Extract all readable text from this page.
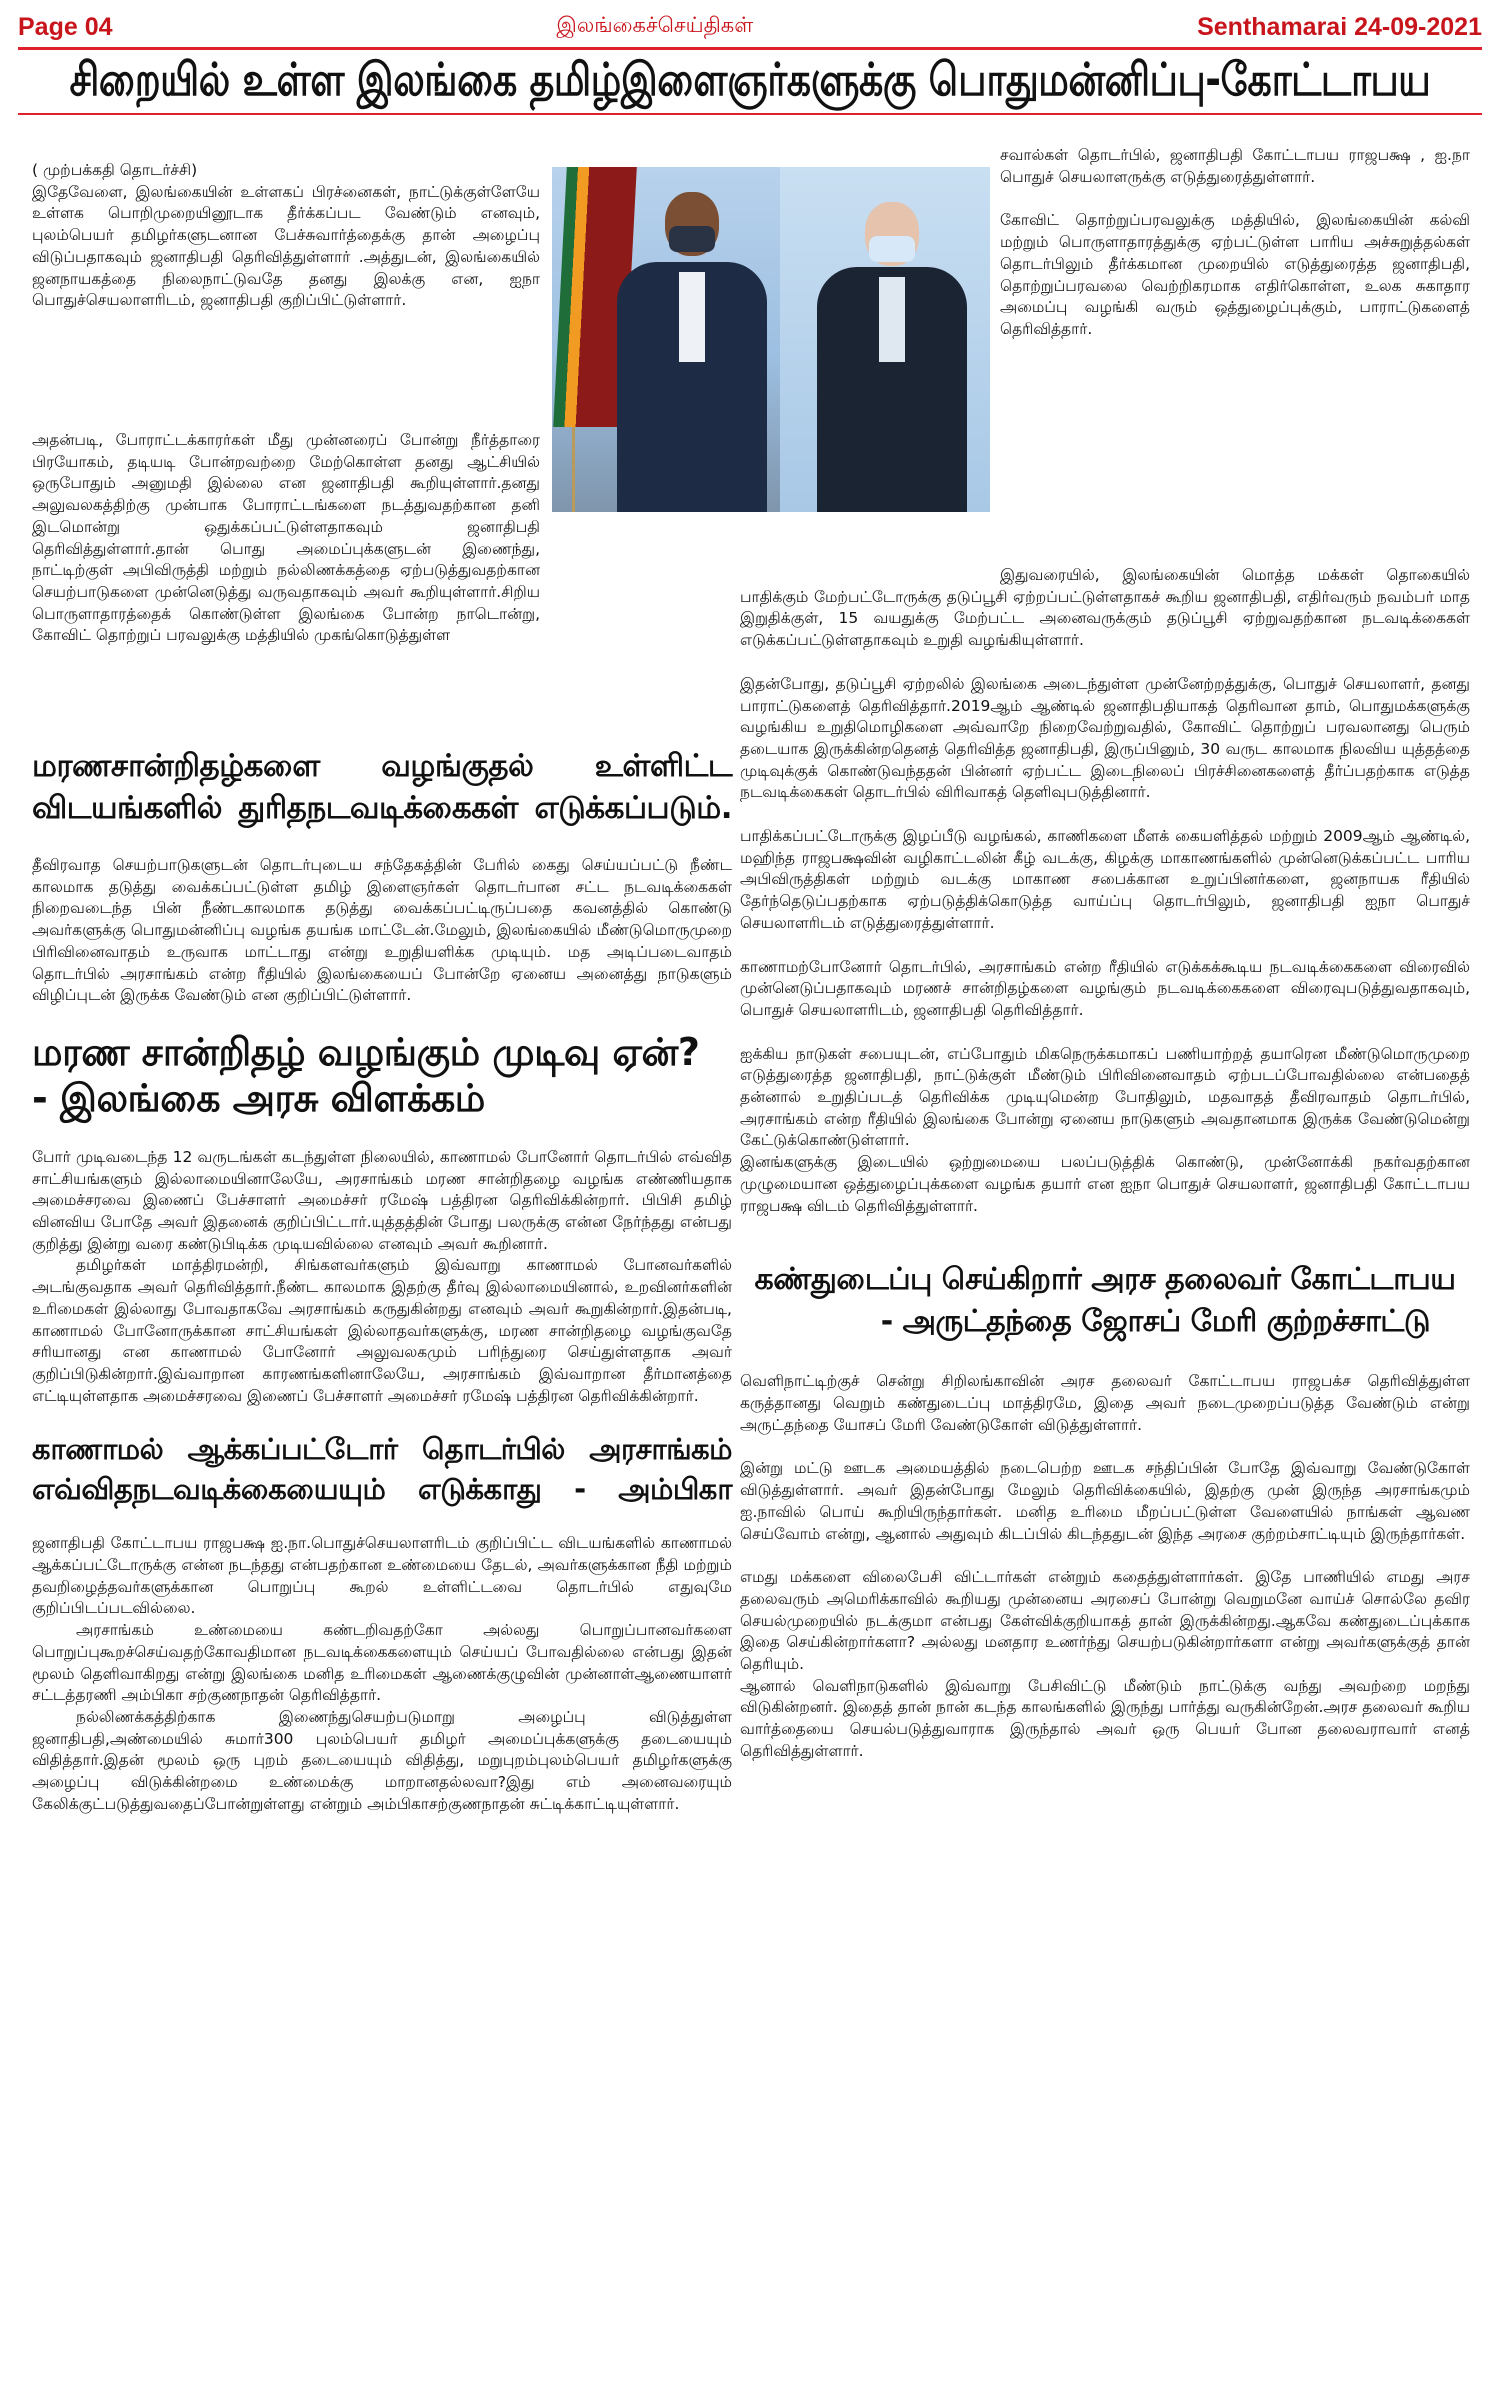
Page 04	இலங்கைச்செய்திகள்	Senthamarai 24-09-2021
சிறையில் உள்ள இலங்கை தமிழ்இளைஞர்களுக்கு பொதுமன்னிப்பு-கோட்டாபய

( முற்பக்கதி தொடர்ச்சி)

இதேவேளை, இலங்கையின் உள்ளகப் பிரச்னைகள், நாட்டுக்குள்ளேயே உள்ளக பொறிமுறையினூடாக தீர்க்கப்பட வேண்டும் எனவும், புலம்பெயர் தமிழர்களுடனான பேச்சுவார்த்தைக்கு தான் அழைப்பு விடுப்பதாகவும் ஜனாதிபதி தெரிவித்துள்ளார் .அத்துடன், இலங்கையில் ஜனநாயகத்தை நிலைநாட்டுவதே தனது இலக்கு என, ஐநா பொதுச்செயலாளரிடம், ஜனாதிபதி குறிப்பிட்டுள்ளார்.

அதன்படி, போராட்டக்காரர்கள் மீது முன்னரைப் போன்று நீர்த்தாரை பிரயோகம், தடியடி போன்றவற்றை மேற்கொள்ள தனது ஆட்சியில் ஒருபோதும் அனுமதி இல்லை என ஜனாதிபதி கூறியுள்ளார்.தனது அலுவலகத்திற்கு முன்பாக போராட்டங்களை நடத்துவதற்கான தனி இடமொன்று ஒதுக்கப்பட்டுள்ளதாகவும் ஜனாதிபதி தெரிவித்துள்ளார்.தான் பொது அமைப்புக்களுடன் இணைந்து, நாட்டிற்குள் அபிவிருத்தி மற்றும் நல்லிணக்கத்தை ஏற்படுத்துவதற்கான செயற்பாடுகளை முன்னெடுத்து வருவதாகவும் அவர் கூறியுள்ளார்.சிறிய பொருளாதாரத்தைக் கொண்டுள்ள இலங்கை போன்ற நாடொன்று, கோவிட் தொற்றுப் பரவலுக்கு மத்தியில் முகங்கொடுத்துள்ள

மரணசான்றிதழ்களை வழங்குதல் உள்ளிட்ட விடயங்களில் துரிதநடவடிக்கைகள் எடுக்கப்படும்.

தீவிரவாத செயற்பாடுகளுடன் தொடர்புடைய சந்தேகத்தின் பேரில் கைது செய்யப்பட்டு நீண்ட காலமாக தடுத்து வைக்கப்பட்டுள்ள தமிழ் இளைஞர்கள் தொடர்பான சட்ட நடவடிக்கைகள் நிறைவடைந்த பின் நீண்டகாலமாக தடுத்து வைக்கப்பட்டிருப்பதை கவனத்தில் கொண்டு அவர்களுக்கு பொதுமன்னிப்பு வழங்க தயங்க மாட்டேன்.மேலும், இலங்கையில் மீண்டுமொருமுறை பிரிவினைவாதம் உருவாக மாட்டாது என்று உறுதியளிக்க முடியும். மத அடிப்படைவாதம் தொடர்பில் அரசாங்கம் என்ற ரீதியில் இலங்கையைப் போன்றே ஏனைய அனைத்து நாடுகளும் விழிப்புடன் இருக்க வேண்டும் என குறிப்பிட்டுள்ளார்.

மரண சான்றிதழ் வழங்கும் முடிவு ஏன்?
- இலங்கை அரசு விளக்கம்

போர் முடிவடைந்த 12 வருடங்கள் கடந்துள்ள நிலையில், காணாமல் போனோர் தொடர்பில் எவ்வித சாட்சியங்களும் இல்லாமையினாலேயே, அரசாங்கம் மரண சான்றிதழை வழங்க எண்ணியதாக அமைச்சரவை இணைப் பேச்சாளர் அமைச்சர் ரமேஷ் பத்திரன தெரிவிக்கின்றார். பிபிசி தமிழ் வினவிய போதே அவர் இதனைக் குறிப்பிட்டார்.யுத்தத்தின் போது பலருக்கு என்ன நேர்ந்தது என்பது குறித்து இன்று வரை கண்டுபிடிக்க முடியவில்லை எனவும் அவர் கூறினார்.

தமிழர்கள் மாத்திரமன்றி, சிங்களவர்களும் இவ்வாறு காணாமல் போனவர்களில் அடங்குவதாக அவர் தெரிவித்தார்.நீண்ட காலமாக இதற்கு தீர்வு இல்லாமையினால், உறவினர்களின் உரிமைகள் இல்லாது போவதாகவே அரசாங்கம் கருதுகின்றது எனவும் அவர் கூறுகின்றார்.இதன்படி, காணாமல் போனோருக்கான சாட்சியங்கள் இல்லாதவர்களுக்கு, மரண சான்றிதழை வழங்குவதே சரியானது என காணாமல் போனோர் அலுவலகமும் பரிந்துரை செய்துள்ளதாக அவர் குறிப்பிடுகின்றார்.இவ்வாறான காரணங்களினாலேயே, அரசாங்கம் இவ்வாறான தீர்மானத்தை எட்டியுள்ளதாக அமைச்சரவை இணைப் பேச்சாளர் அமைச்சர் ரமேஷ் பத்திரன தெரிவிக்கின்றார்.

காணாமல் ஆக்கப்பட்டோர் தொடர்பில் அரசாங்கம் எவ்விதநடவடிக்கையையும் எடுக்காது - அம்பிகா

ஜனாதிபதி கோட்டாபய ராஜபக்ஷ ஐ.நா.பொதுச்செயலாளரிடம் குறிப்பிட்ட விடயங்களில் காணாமல் ஆக்கப்பட்டோருக்கு என்ன நடந்தது என்பதற்கான உண்மையை தேடல், அவர்களுக்கான நீதி மற்றும் தவறிழைத்தவர்களுக்கான பொறுப்பு கூறல் உள்ளிட்டவை தொடர்பில் எதுவுமே குறிப்பிடப்படவில்லை.

அரசாங்கம் உண்மையை கண்டறிவதற்கோ அல்லது பொறுப்பானவர்களை பொறுப்புகூறச்செய்வதற்கோவதிமான நடவடிக்கைகளையும் செய்யப் போவதில்லை என்பது இதன் மூலம் தெளிவாகிறது என்று இலங்கை மனித உரிமைகள் ஆணைக்குழுவின் முன்னாள்ஆணையாளர் சட்டத்தரணி அம்பிகா சற்குணநாதன் தெரிவித்தார்.

நல்லிணக்கத்திற்காக இணைந்துசெயற்படுமாறு அழைப்பு விடுத்துள்ள ஜனாதிபதி,அண்மையில் சுமார்300 புலம்பெயர் தமிழர் அமைப்புக்களுக்கு தடையையும் விதித்தார்.இதன் மூலம் ஒரு புறம் தடையையும் விதித்து, மறுபுறம்புலம்பெயர் தமிழர்களுக்கு அழைப்பு விடுக்கின்றமை உண்மைக்கு மாறானதல்லவா?இது எம் அனைவரையும் கேலிக்குட்படுத்துவதைப்போன்றுள்ளது என்றும் அம்பிகாசற்குணநாதன் சுட்டிக்காட்டியுள்ளார்.

சவால்கள் தொடர்பில், ஜனாதிபதி கோட்டாபய ராஜபக்ஷ , ஐ.நா பொதுச் செயலாளருக்கு எடுத்துரைத்துள்ளார்.

கோவிட் தொற்றுப்பரவலுக்கு மத்தியில், இலங்கையின் கல்வி மற்றும் பொருளாதாரத்துக்கு ஏற்பட்டுள்ள பாரிய அச்சுறுத்தல்கள் தொடர்பிலும் தீர்க்கமான முறையில் எடுத்துரைத்த ஜனாதிபதி, தொற்றுப்பரவலை வெற்றிகரமாக எதிர்கொள்ள, உலக சுகாதார அமைப்பு வழங்கி வரும் ஒத்துழைப்புக்கும், பாராட்டுகளைத் தெரிவித்தார்.

இதுவரையில், இலங்கையின் மொத்த மக்கள் தொகையில் பாதிக்கும் மேற்பட்டோருக்கு தடுப்பூசி ஏற்றப்பட்டுள்ளதாகச் கூறிய ஜனாதிபதி, எதிர்வரும் நவம்பர் மாத இறுதிக்குள், 15 வயதுக்கு மேற்பட்ட அனைவருக்கும் தடுப்பூசி ஏற்றுவதற்கான நடவடிக்கைகள் எடுக்கப்பட்டுள்ளதாகவும் உறுதி வழங்கியுள்ளார்.

இதன்போது, தடுப்பூசி ஏற்றலில் இலங்கை அடைந்துள்ள முன்னேற்றத்துக்கு, பொதுச் செயலாளர், தனது பாராட்டுகளைத் தெரிவித்தார்.2019ஆம் ஆண்டில் ஜனாதிபதியாகத் தெரிவான தாம், பொதுமக்களுக்கு வழங்கிய உறுதிமொழிகளை அவ்வாறே நிறைவேற்றுவதில், கோவிட் தொற்றுப் பரவலானது பெரும் தடையாக இருக்கின்றதெனத் தெரிவித்த ஜனாதிபதி, இருப்பினும், 30 வருட காலமாக நிலவிய யுத்தத்தை முடிவுக்குக் கொண்டுவந்ததன் பின்னர் ஏற்பட்ட இடைநிலைப் பிரச்சினைகளைத் தீர்ப்பதற்காக எடுத்த நடவடிக்கைகள் தொடர்பில் விரிவாகத் தெளிவுபடுத்தினார்.

பாதிக்கப்பட்டோருக்கு இழப்பீடு வழங்கல், காணிகளை மீளக் கையளித்தல் மற்றும் 2009ஆம் ஆண்டில், மஹிந்த ராஜபக்ஷவின் வழிகாட்டலின் கீழ் வடக்கு, கிழக்கு மாகாணங்களில் முன்னெடுக்கப்பட்ட பாரிய அபிவிருத்திகள் மற்றும் வடக்கு மாகாண சபைக்கான உறுப்பினர்களை, ஜனநாயக ரீதியில் தேர்ந்தெடுப்பதற்காக ஏற்படுத்திக்கொடுத்த வாய்ப்பு தொடர்பிலும், ஜனாதிபதி ஐநா பொதுச் செயலாளரிடம் எடுத்துரைத்துள்ளார்.

காணாமற்போனோர் தொடர்பில், அரசாங்கம் என்ற ரீதியில் எடுக்கக்கூடிய நடவடிக்கைகளை விரைவில் முன்னெடுப்பதாகவும் மரணச் சான்றிதழ்களை வழங்கும் நடவடிக்கைகளை விரைவுபடுத்துவதாகவும், பொதுச் செயலாளரிடம், ஜனாதிபதி தெரிவித்தார்.

ஐக்கிய நாடுகள் சபையுடன், எப்போதும் மிகநெருக்கமாகப் பணியாற்றத் தயாரென மீண்டுமொருமுறை எடுத்துரைத்த ஜனாதிபதி, நாட்டுக்குள் மீண்டும் பிரிவினைவாதம் ஏற்படப்போவதில்லை என்பதைத் தன்னால் உறுதிப்படத் தெரிவிக்க முடியுமென்ற போதிலும், மதவாதத் தீவிரவாதம் தொடர்பில், அரசாங்கம் என்ற ரீதியில் இலங்கை போன்று ஏனைய நாடுகளும் அவதானமாக இருக்க வேண்டுமென்று கேட்டுக்கொண்டுள்ளார்.

இனங்களுக்கு இடையில் ஒற்றுமையை பலப்படுத்திக் கொண்டு, முன்னோக்கி நகர்வதற்கான முழுமையான ஒத்துழைப்புக்களை வழங்க தயார் என ஐநா பொதுச் செயலாளர், ஜனாதிபதி கோட்டாபய ராஜபக்ஷ விடம் தெரிவித்துள்ளார்.

கண்துடைப்பு செய்கிறார் அரச தலைவர் கோட்டாபய
- அருட்தந்தை ஜோசப் மேரி குற்றச்சாட்டு

வெளிநாட்டிற்குச் சென்று சிறிலங்காவின் அரச தலைவர் கோட்டாபய ராஜபக்ச தெரிவித்துள்ள கருத்தானது வெறும் கண்துடைப்பு மாத்திரமே, இதை அவர் நடைமுறைப்படுத்த வேண்டும் என்று அருட்தந்தை யோசப் மேரி வேண்டுகோள் விடுத்துள்ளார்.

இன்று மட்டு ஊடக அமையத்தில் நடைபெற்ற ஊடக சந்திப்பின் போதே இவ்வாறு வேண்டுகோள் விடுத்துள்ளார். அவர் இதன்போது மேலும் தெரிவிக்கையில், இதற்கு முன் இருந்த அரசாங்கமும் ஐ.நாவில் பொய் கூறியிருந்தார்கள். மனித உரிமை மீறப்பட்டுள்ள வேளையில் நாங்கள் ஆவண செய்வோம் என்று, ஆனால் அதுவும் கிடப்பில் கிடந்ததுடன் இந்த அரசை குற்றம்சாட்டியும் இருந்தார்கள்.

எமது மக்களை விலைபேசி விட்டார்கள் என்றும் கதைத்துள்ளார்கள். இதே பாணியில் எமது அரச தலைவரும் அமெரிக்காவில் கூறியது முன்னைய அரசைப் போன்று வெறுமனே வாய்ச் சொல்லே தவிர செயல்முறையில் நடக்குமா என்பது கேள்விக்குறியாகத் தான் இருக்கின்றது.ஆகவே கண்துடைப்புக்காக இதை செய்கின்றார்களா? அல்லது மனதார உணர்ந்து செயற்படுகின்றார்களா என்று அவர்களுக்குத் தான் தெரியும்.

ஆனால் வெளிநாடுகளில் இவ்வாறு பேசிவிட்டு மீண்டும் நாட்டுக்கு வந்து அவற்றை மறந்து விடுகின்றனர். இதைத் தான் நான் கடந்த காலங்களில் இருந்து பார்த்து வருகின்றேன்.அரச தலைவர் கூறிய வார்த்தையை செயல்படுத்துவாராக இருந்தால் அவர் ஒரு பெயர் போன தலைவராவார் எனத் தெரிவித்துள்ளார்.
